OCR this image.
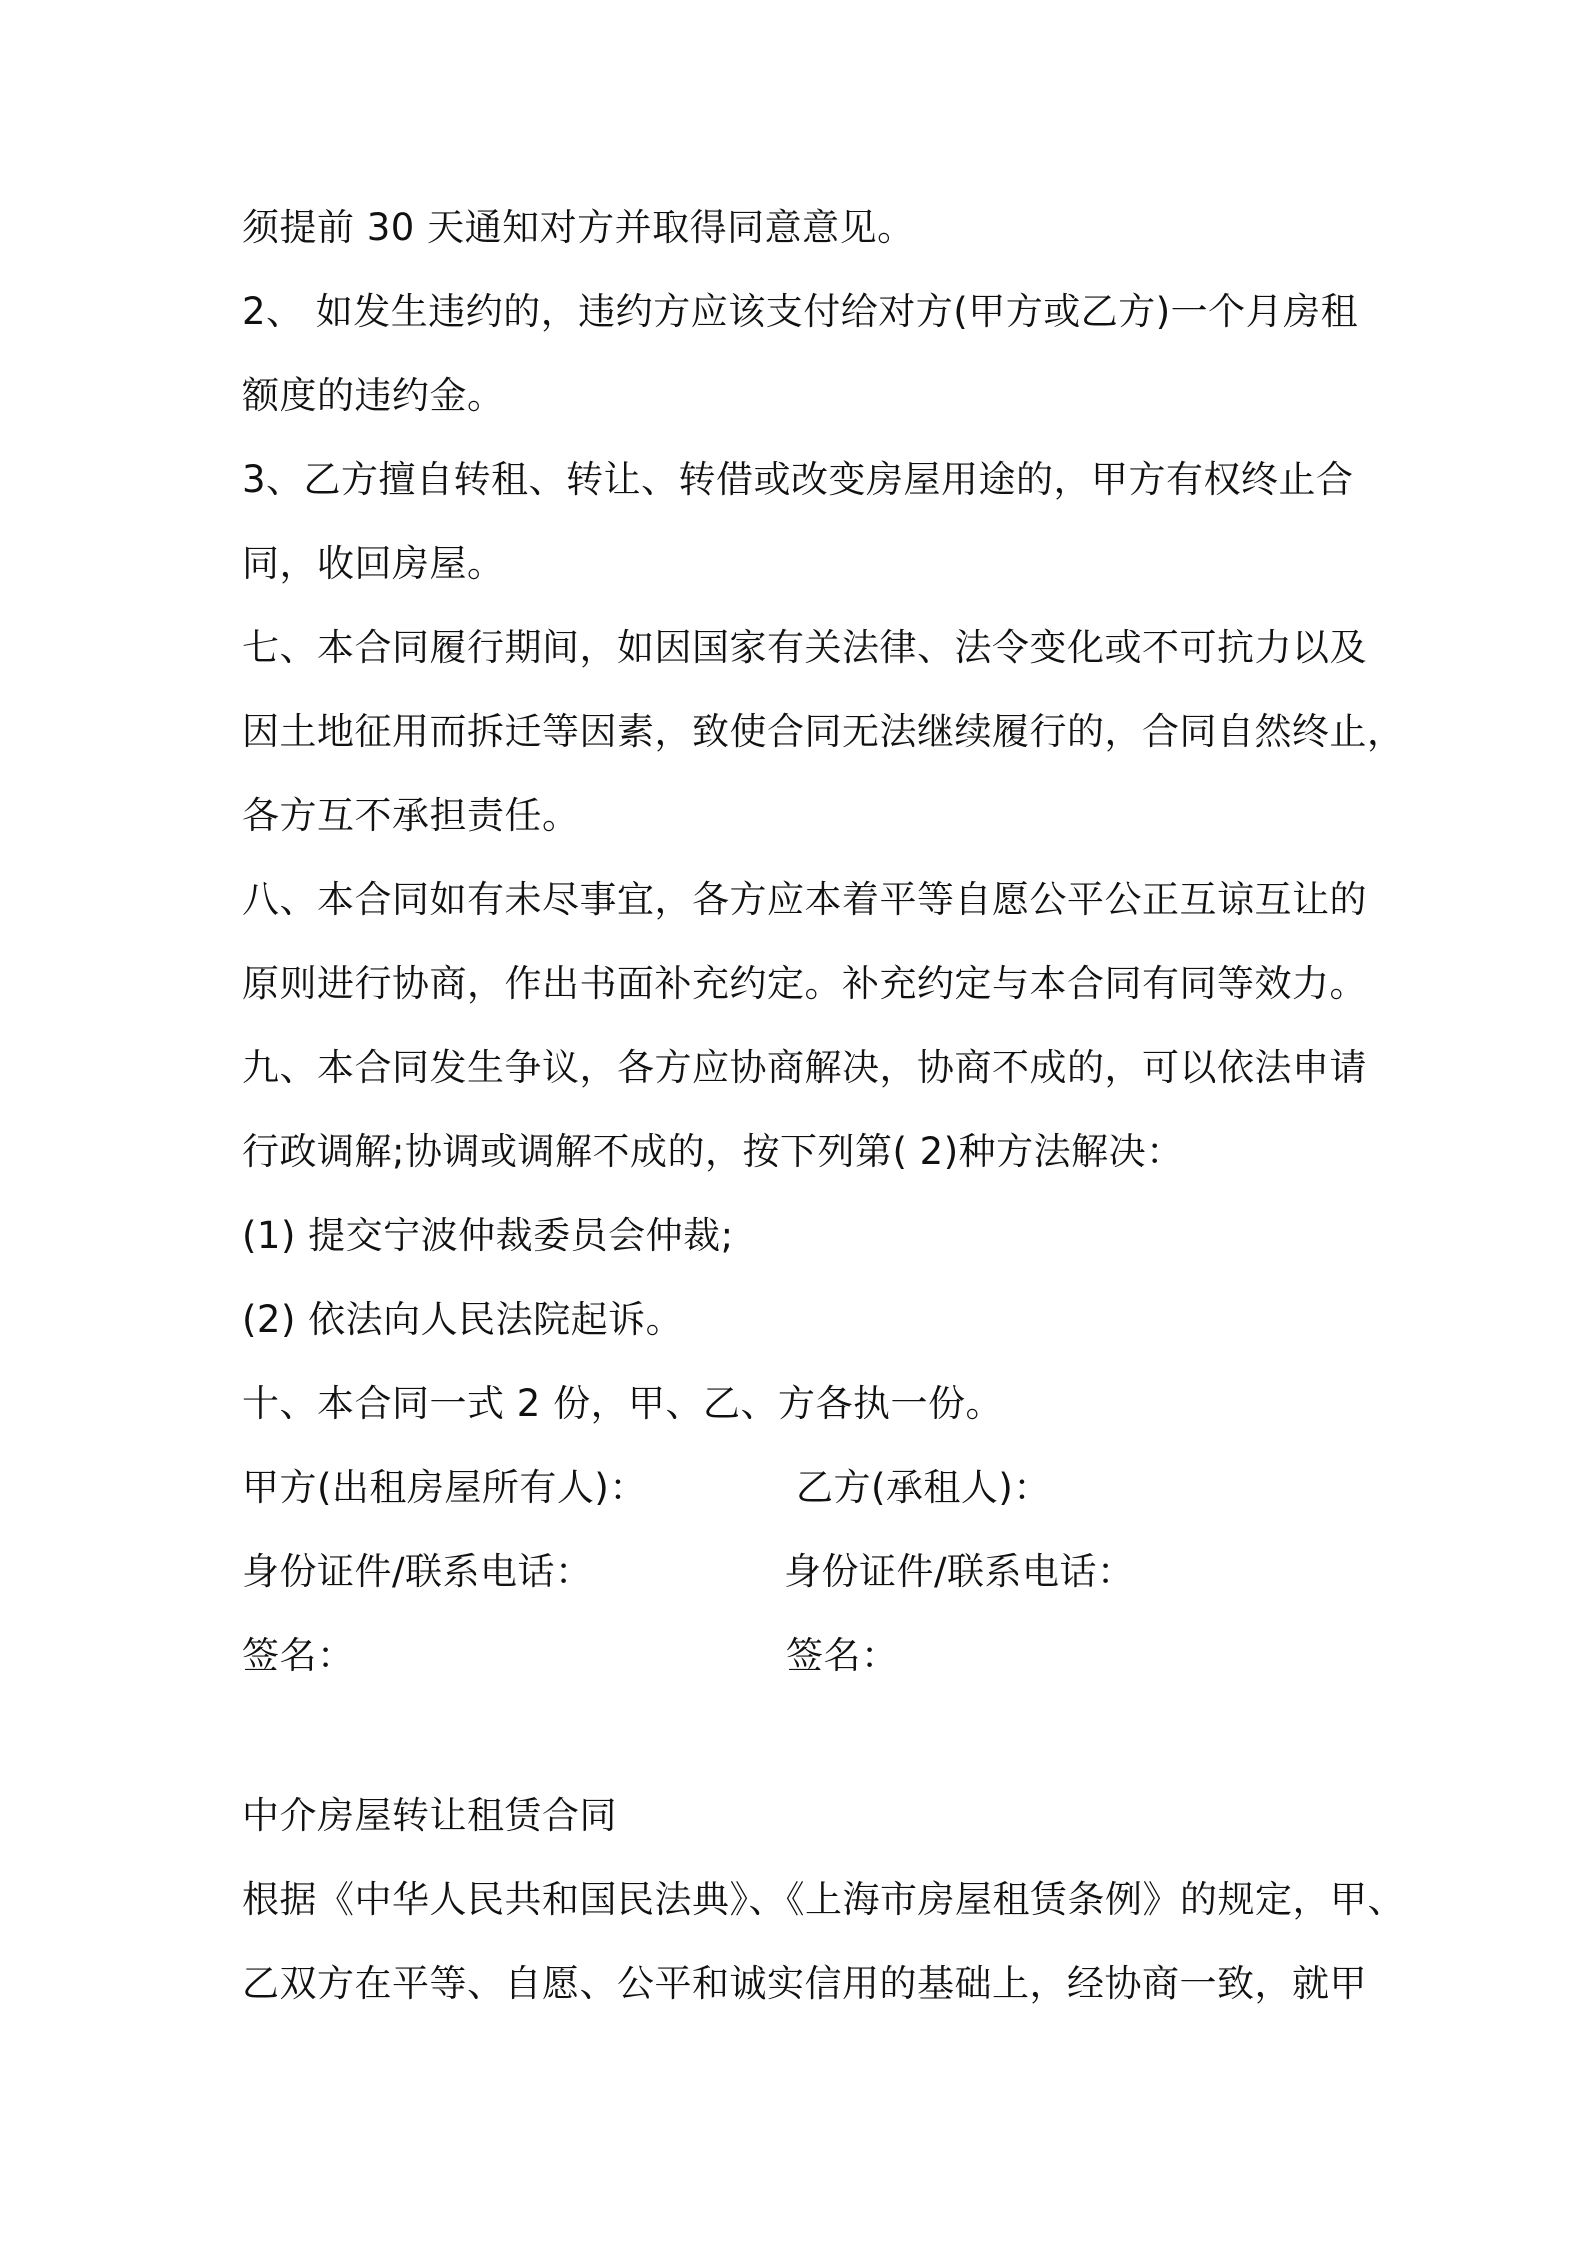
须提前 30 天通知对方并取得同意意见。
2、 如发生违约的，违约方应该支付给对方(甲方或乙方)一个月房租
额度的违约金。
3、乙方擅自转租、转让、转借或改变房屋用途的，甲方有权终止合
同，收回房屋。
七、本合同履行期间，如因国家有关法律、法令变化或不可抗力以及
因土地征用而拆迁等因素，致使合同无法继续履行的，合同自然终止，
各方互不承担责任。
八、本合同如有未尽事宜，各方应本着平等自愿公平公正互谅互让的
原则进行协商，作出书面补充约定。补充约定与本合同有同等效力。
九、本合同发生争议，各方应协商解决，协商不成的，可以依法申请
行政调解;协调或调解不成的，按下列第( 2)种方法解决：
(1) 提交宁波仲裁委员会仲裁;
(2) 依法向人民法院起诉。
十、本合同一式 2 份，甲、乙、方各执一份。
甲方(出租房屋所有人)：	乙方(承租人)：
身份证件/联系电话：	身份证件/联系电话：
签名：	签名：
中介房屋转让租赁合同
根据《中华人民共和国民法典》、《上海市房屋租赁条例》的规定，甲、
乙双方在平等、自愿、公平和诚实信用的基础上，经协商一致，就甲
